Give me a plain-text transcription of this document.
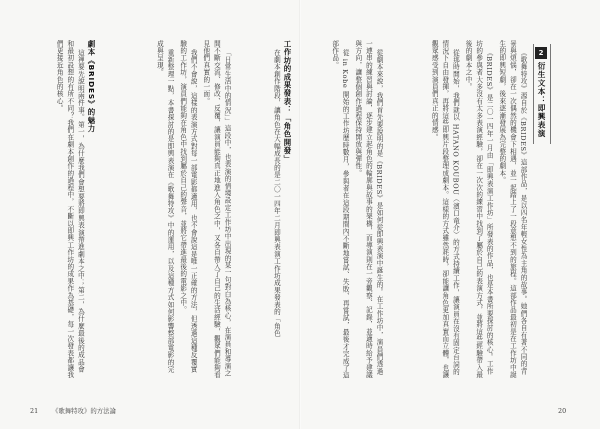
工作坊的成果發表：「角色開發」

在劇本創作階段，讓角色在大幅成長的是二〇一四年二月即興表演工作坊成果發表的「角色

「日常生活中的情況」」這段中，也表演的情境設定工作坊中出現的某一句對白為核心，在演員和導演之間不斷交流、修改、反覆，讓演員能夠真正地進入角色之中，又各自帶入了自己的生活經驗，觀眾們能夠看見他們真實的一面。

我們不會說，這樣的表演方式對每一部電影都適用，也不會說這是唯一正確的方法，但透過這種反覆實驗的工作坊，演員們能夠在角色中找到屬於自己的聲音，並將它帶進最後的電影之中。

重新整理一點，本書探討的是即興表演在《歌舞特攻》中的運用，以及這種方式如何影響整部電影的完成與呈現。

劇本《BRIDES》的魅力

這裡要先說明兩件事。第一，為什麼我們會想要將即興表演帶進劇本之中；第二，為什麼最後的成品會和最初設想的有所不同？我們在劇本創作的過程中，不斷以即興工作坊的成果作為基礎，每一次發表都讓我們更接近角色的核心。

21 《歌舞特攻》的方法論
2
衍生文本：即興表演

《歌舞特攻》源自於《BRIDES》這部作品，是以四名年輕女性為主角的故事。她們各自有著不同的背景與煩惱，卻在一次偶然的機會下相遇，並一起踏上了一段意想不到的旅程。這部作品最初是在工作坊中誕生的即興短劇，後來逐漸發展為完整的劇本。

《BRIDES》是二〇一四年一月由「即興表演工作坊」所發表的作品，也是本書所要探討的核心。工作坊的參與者大多沒有太多表演經驗，卻在一次次的練習中找到了屬於自己的表演方式，並將這些經驗帶入最後的劇本之中。

從那時開始，我們就以 HATANO KOUBOU（濱口竜介）的方式持續工作，讓演員在沒有固定台詞的情況下自由發揮，再將這些即興片段整理成劇本。這樣的方式雖然耗時，卻能讓角色更加真實而立體，也讓觀眾感受到演員們真正的情感。

從劇本來說，我們首先要說明的是《BRIDES》是如何從即興表演中誕生的。在工作坊中，演員們透過一連串的練習與討論，逐步建立起角色的輪廓與故事的架構，而導演則在一旁觀察、記錄，並適時給予建議與方向，讓整個創作過程保持開放與彈性。

從 in Kobe 開始的工作坊歷時數月，參與者在這段期間內不斷地嘗試、失敗、再嘗試，最後才完成了這部作品。

20
